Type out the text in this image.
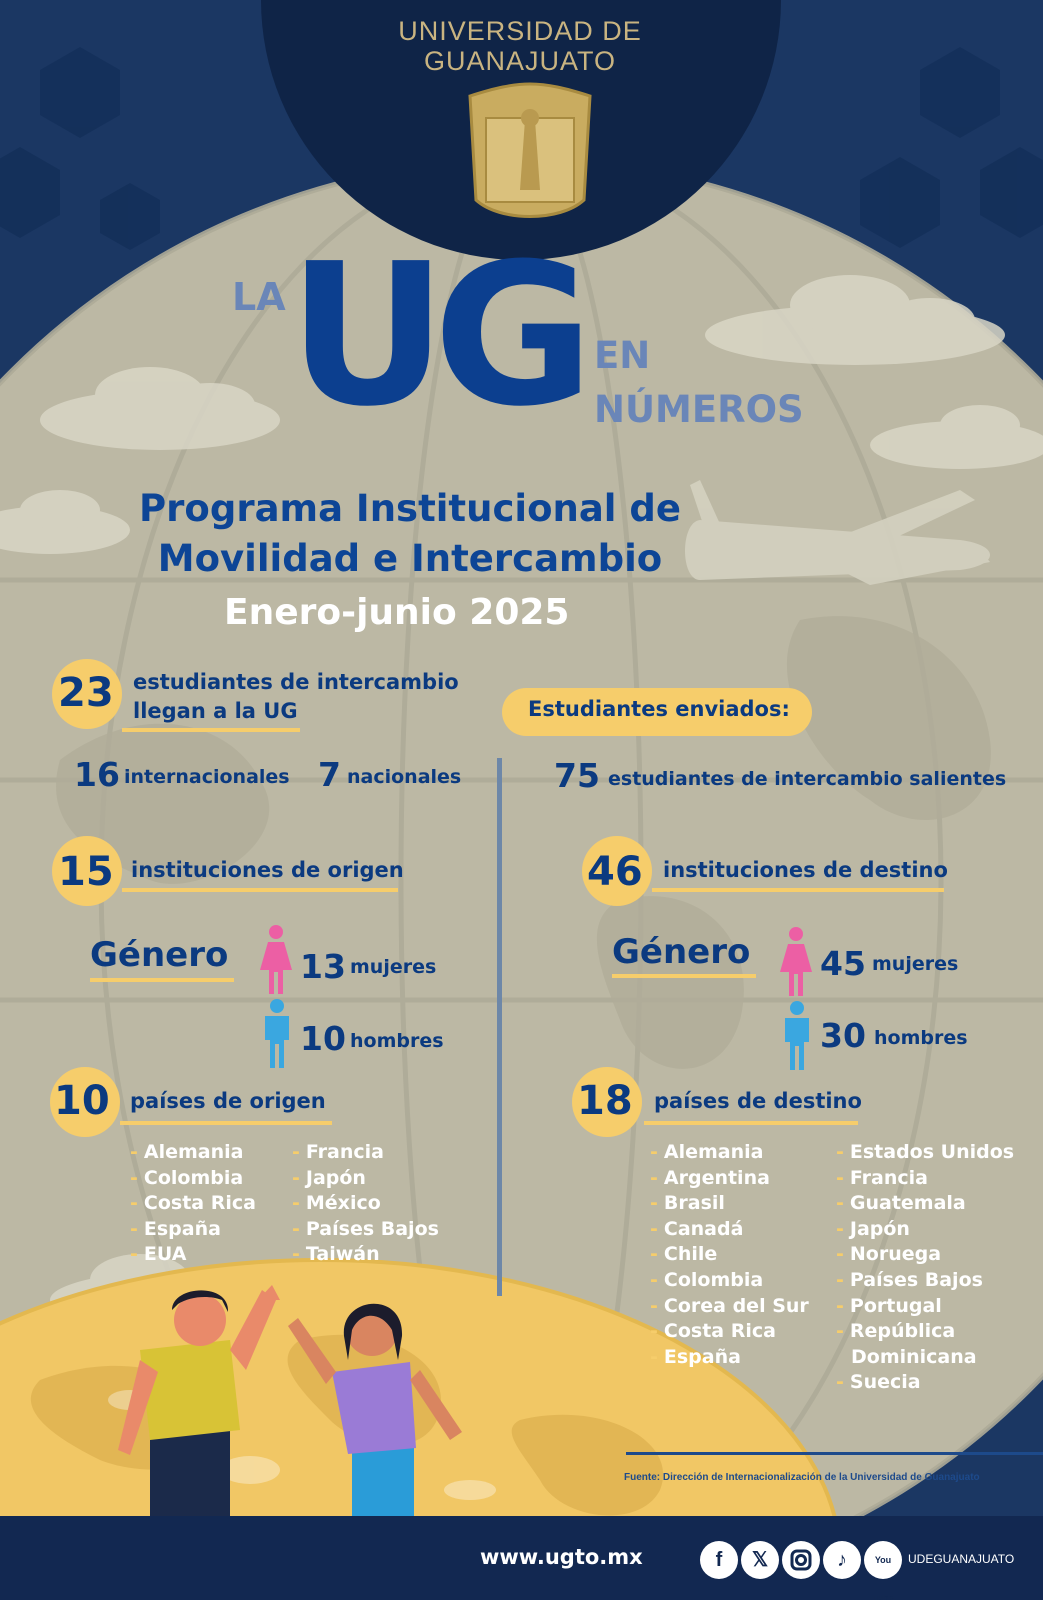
UNIVERSIDAD DE
GUANAJUATO
LA UG EN
NÚMEROS
Programa Institucional de
Movilidad e Intercambio
Enero-junio 2025
23 estudiantes de intercambio
llegan a la UG
16 internacionales 7 nacionales
15 instituciones de origen
Género 13 mujeres
10 hombres
10 países de origen
- Alemania
- Colombia
- Costa Rica
- España
- EUA
- Francia
- Japón
- México
- Países Bajos
- Taiwán
Estudiantes enviados:
75 estudiantes de intercambio salientes
46 instituciones de destino
Género 45 mujeres
30 hombres
18 países de destino
- Alemania
- Argentina
- Brasil
- Canadá
- Chile
- Colombia
- Corea del Sur
- Costa Rica
- España
- Estados Unidos
- Francia
- Guatemala
- Japón
- Noruega
- Países Bajos
- Portugal
- República
Dominicana
- Suecia
Fuente: Dirección de Internacionalización de la Universidad de Guanajuato
www.ugto.mx	f	𝕏	♪	You Tube
UDEGUANAJUATO
